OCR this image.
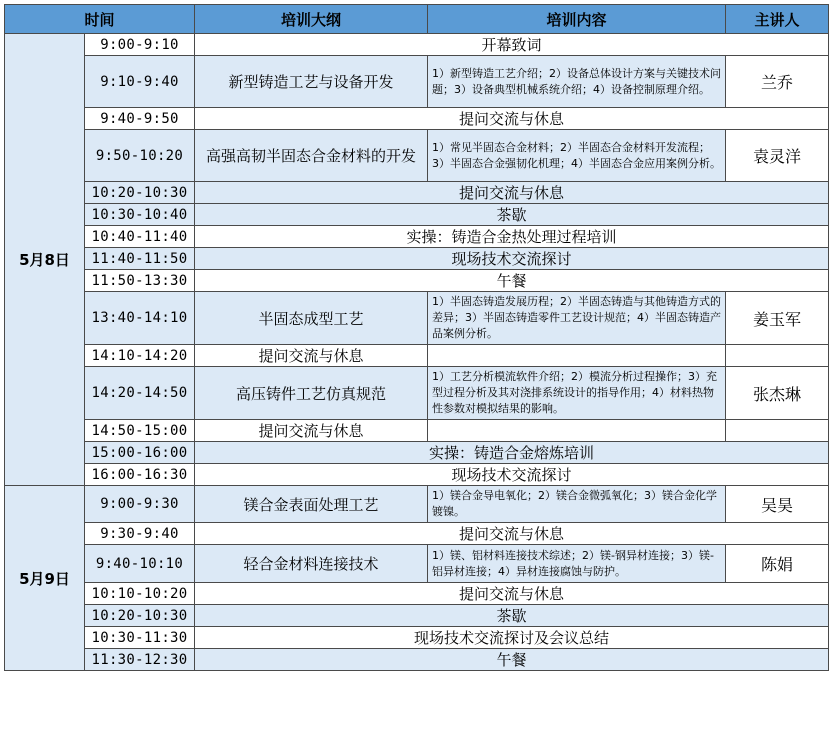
时间		培训大纲	培训内容	主讲人
5月8日	9:00-9:10	开幕致词		
	9:10-9:40	新型铸造工艺与设备开发	1）新型铸造工艺介绍；2）设备总体设计方案与关键技术问题；3）设备典型机械系统介绍；4）设备控制原理介绍。	兰乔
	9:40-9:50	提问交流与休息		
	9:50-10:20	高强高韧半固态合金材料的开发	1）常见半固态合金材料；2）半固态合金材料开发流程；3）半固态合金强韧化机理；4）半固态合金应用案例分析。	袁灵洋
	10:20-10:30	提问交流与休息		
	10:30-10:40	茶歇		
	10:40-11:40	实操：铸造合金热处理过程培训		
	11:40-11:50	现场技术交流探讨		
	11:50-13:30	午餐		
	13:40-14:10	半固态成型工艺	1）半固态铸造发展历程；2）半固态铸造与其他铸造方式的差异；3）半固态铸造零件工艺设计规范；4）半固态铸造产品案例分析。	姜玉军
	14:10-14:20	提问交流与休息		
	14:20-14:50	高压铸件工艺仿真规范	1）工艺分析模流软件介绍；2）模流分析过程操作；3）充型过程分析及其对浇排系统设计的指导作用；4）材料热物性参数对模拟结果的影响。	张杰琳
	14:50-15:00	提问交流与休息		
	15:00-16:00	实操：铸造合金熔炼培训		
	16:00-16:30	现场技术交流探讨		
5月9日	9:00-9:30	镁合金表面处理工艺	1）镁合金导电氧化；2）镁合金微弧氧化；3）镁合金化学镀镍。	吴昊
	9:30-9:40	提问交流与休息		
	9:40-10:10	轻合金材料连接技术	1）镁、铝材料连接技术综述；2）镁-钢异材连接；3）镁-铝异材连接；4）异材连接腐蚀与防护。	陈娟
	10:10-10:20	提问交流与休息		
	10:20-10:30	茶歇		
	10:30-11:30	现场技术交流探讨及会议总结		
	11:30-12:30	午餐		
